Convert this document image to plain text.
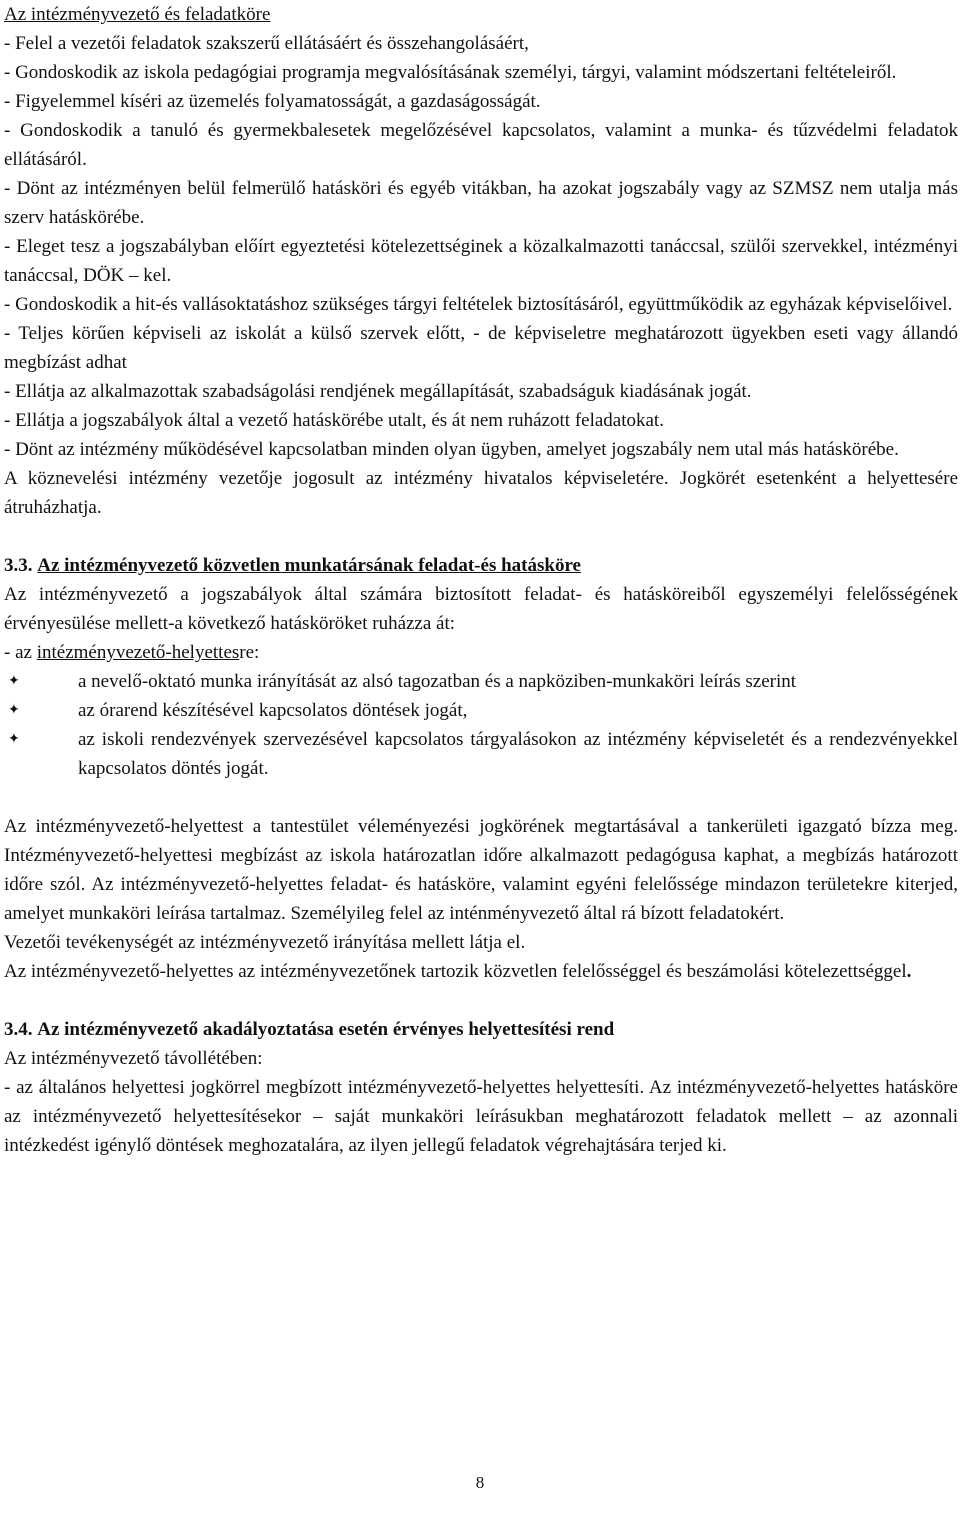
Az intézményvezető és feladatköre

- Felel a vezetői feladatok szakszerű ellátásáért és összehangolásáért,

- Gondoskodik az iskola pedagógiai programja megvalósításának személyi, tárgyi, valamint módszertani feltételeiről.

- Figyelemmel kíséri az üzemelés folyamatosságát, a gazdaságosságát.

- Gondoskodik a tanuló és gyermekbalesetek megelőzésével kapcsolatos, valamint a munka- és tűzvédelmi feladatok ellátásáról.

- Dönt az intézményen belül felmerülő hatásköri és egyéb vitákban, ha azokat jogszabály vagy az SZMSZ nem utalja más szerv hatáskörébe.

- Eleget tesz a jogszabályban előírt egyeztetési kötelezettséginek a közalkalmazotti tanáccsal, szülői szervekkel, intézményi tanáccsal, DÖK – kel.

- Gondoskodik a hit-és vallásoktatáshoz szükséges tárgyi feltételek biztosításáról, együttműködik az egyházak képviselőivel.

- Teljes körűen képviseli az iskolát a külső szervek előtt, - de képviseletre meghatározott ügyekben eseti vagy állandó megbízást adhat

- Ellátja az alkalmazottak szabadságolási rendjének megállapítását, szabadságuk kiadásának jogát.

- Ellátja a jogszabályok által a vezető hatáskörébe utalt, és át nem ruházott feladatokat.

- Dönt az intézmény működésével kapcsolatban minden olyan ügyben, amelyet jogszabály nem utal más hatáskörébe.

A köznevelési intézmény vezetője jogosult az intézmény hivatalos képviseletére. Jogkörét esetenként a helyettesére átruházhatja.

3.3. Az intézményvezető közvetlen munkatársának feladat-és hatásköre

Az intézményvezető a jogszabályok által számára biztosított feladat- és hatásköreiből egyszemélyi felelősségének érvényesülése mellett-a következő hatásköröket ruházza át:

- az intézményvezető-helyettesre:

✦	a nevelő-oktató munka irányítását az alsó tagozatban és a napköziben-munkaköri leírás szerint
✦	az órarend készítésével kapcsolatos döntések jogát,
✦	az iskoli rendezvények szervezésével kapcsolatos tárgyalásokon az intézmény képviseletét és a rendezvényekkel kapcsolatos döntés jogát.

Az intézményvezető-helyettest a tantestület véleményezési jogkörének megtartásával a tankerületi igazgató bízza meg. Intézményvezető-helyettesi megbízást az iskola határozatlan időre alkalmazott pedagógusa kaphat, a megbízás határozott időre szól. Az intézményvezető-helyettes feladat- és hatásköre, valamint egyéni felelőssége mindazon területekre kiterjed, amelyet munkaköri leírása tartalmaz. Személyileg felel az inténményvezető által rá bízott feladatokért.

Vezetői tevékenységét az intézményvezető irányítása mellett látja el.

Az intézményvezető-helyettes az intézményvezetőnek tartozik közvetlen felelősséggel és beszámolási kötelezettséggel.

3.4. Az intézményvezető akadályoztatása esetén érvényes helyettesítési rend

Az intézményvezető távollétében:

- az általános helyettesi jogkörrel megbízott intézményvezető-helyettes helyettesíti. Az intézményvezető-helyettes hatásköre az intézményvezető helyettesítésekor – saját munkaköri leírásukban meghatározott feladatok mellett – az azonnali intézkedést igénylő döntések meghozatalára, az ilyen jellegű feladatok végrehajtására terjed ki.

8
